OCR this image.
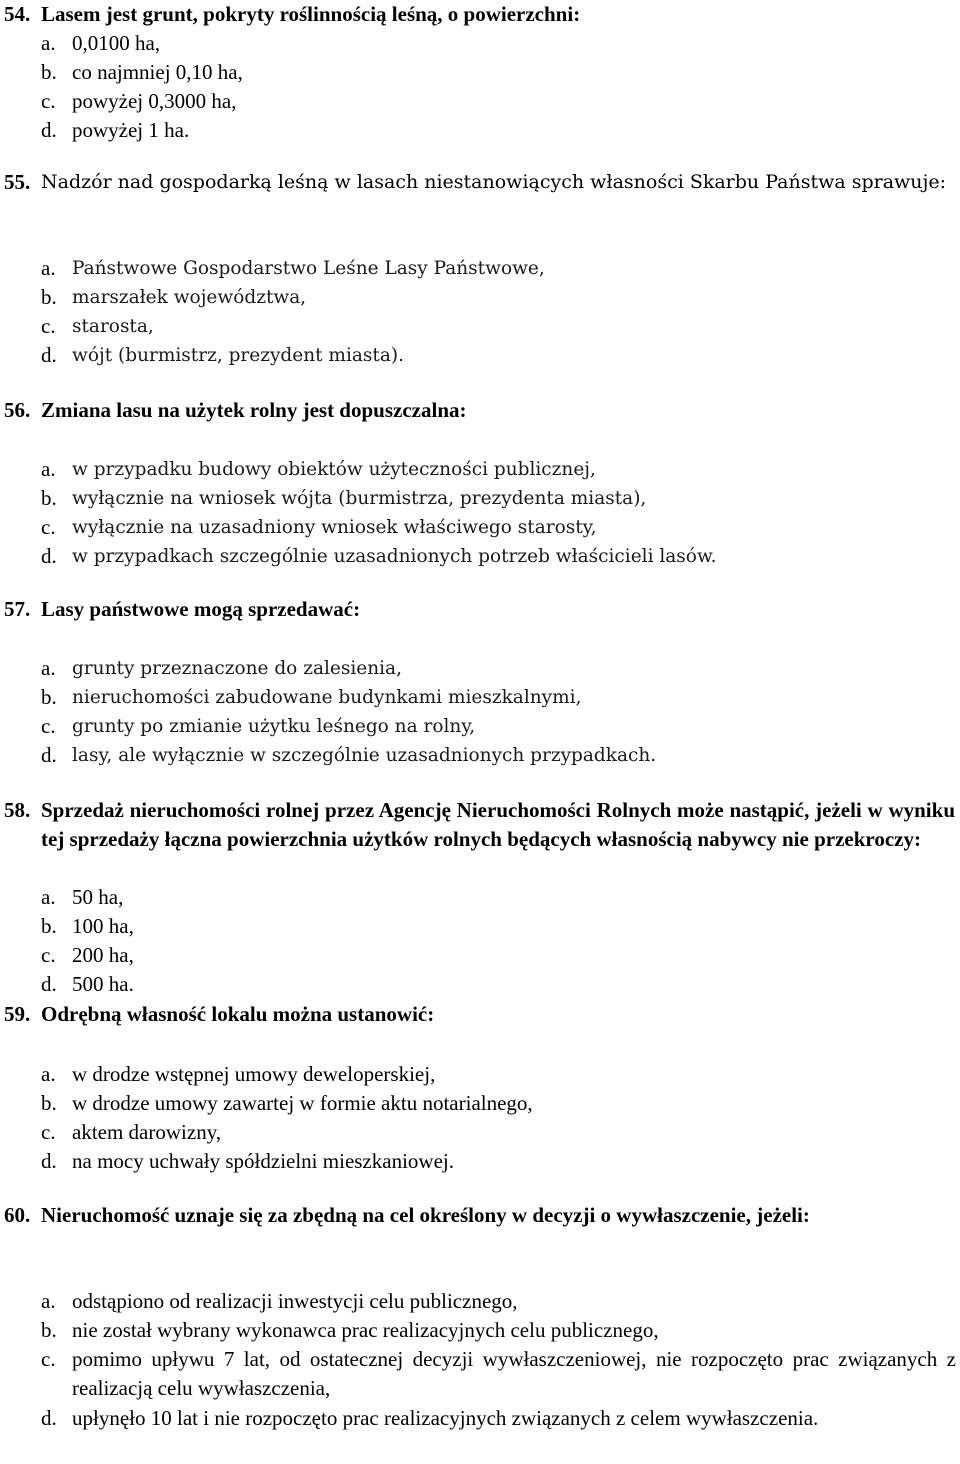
54. Lasem jest grunt, pokryty roślinnością leśną, o powierzchni:
a. 0,0100 ha,
b. co najmniej 0,10 ha,
c. powyżej 0,3000 ha,
d. powyżej 1 ha.
55. Nadzór nad gospodarką leśną w lasach niestanowiących własności Skarbu Państwa sprawuje:
a. Państwowe Gospodarstwo Leśne Lasy Państwowe,
b. marszałek województwa,
c. starosta,
d. wójt (burmistrz, prezydent miasta).
56. Zmiana lasu na użytek rolny jest dopuszczalna:
a. w przypadku budowy obiektów użyteczności publicznej,
b. wyłącznie na wniosek wójta (burmistrza, prezydenta miasta),
c. wyłącznie na uzasadniony wniosek właściwego starosty,
d. w przypadkach szczególnie uzasadnionych potrzeb właścicieli lasów.
57. Lasy państwowe mogą sprzedawać:
a. grunty przeznaczone do zalesienia,
b. nieruchomości zabudowane budynkami mieszkalnymi,
c. grunty po zmianie użytku leśnego na rolny,
d. lasy, ale wyłącznie w szczególnie uzasadnionych przypadkach.
58. Sprzedaż nieruchomości rolnej przez Agencję Nieruchomości Rolnych może nastąpić, jeżeli w wyniku tej sprzedaży łączna powierzchnia użytków rolnych będących własnością nabywcy nie przekroczy:
a. 50 ha,
b. 100 ha,
c. 200 ha,
d. 500 ha.
59. Odrębną własność lokalu można ustanowić:
a. w drodze wstępnej umowy deweloperskiej,
b. w drodze umowy zawartej w formie aktu notarialnego,
c. aktem darowizny,
d. na mocy uchwały spółdzielni mieszkaniowej.
60. Nieruchomość uznaje się za zbędną na cel określony w decyzji o wywłaszczenie, jeżeli:
a. odstąpiono od realizacji inwestycji celu publicznego,
b. nie został wybrany wykonawca prac realizacyjnych celu publicznego,
c. pomimo upływu 7 lat, od ostatecznej decyzji wywłaszczeniowej, nie rozpoczęto prac związanych z realizacją celu wywłaszczenia,
d. upłynęło 10 lat i nie rozpoczęto prac realizacyjnych związanych z celem wywłaszczenia.
